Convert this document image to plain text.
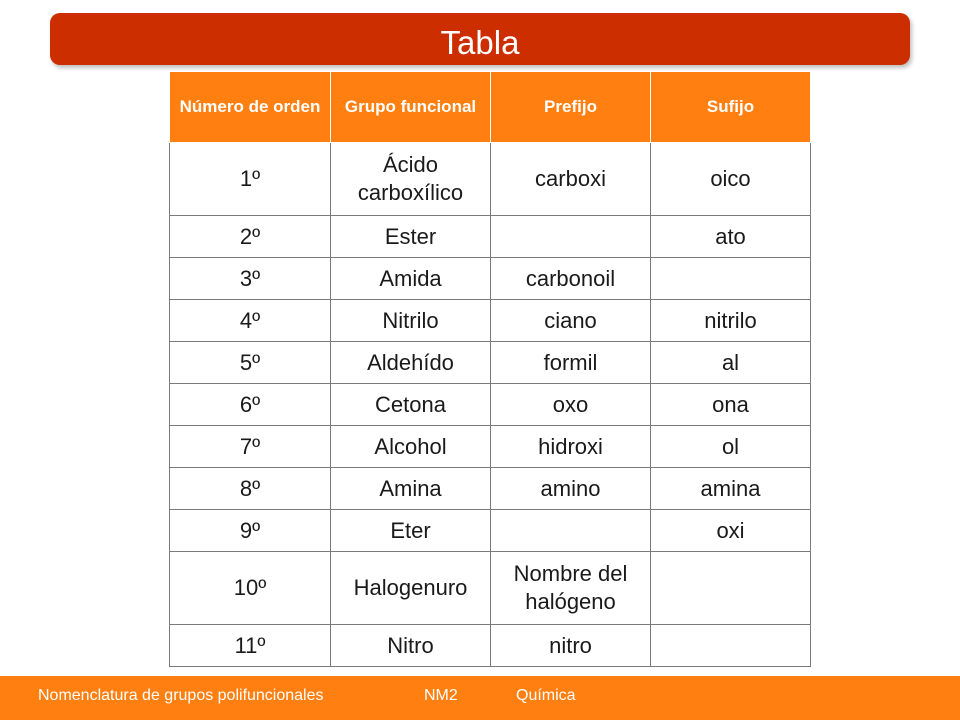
Tabla
Número de orden	Grupo funcional	Prefijo	Sufijo
1º	Ácido carboxílico	carboxi	oico
2º	Ester		ato
3º	Amida	carbonoil	
4º	Nitrilo	ciano	nitrilo
5º	Aldehído	formil	al
6º	Cetona	oxo	ona
7º	Alcohol	hidroxi	ol
8º	Amina	amino	amina
9º	Eter		oxi
10º	Halogenuro	Nombre del halógeno	
11º	Nitro	nitro	
Nomenclatura de grupos polifuncionales	NM2	Química
